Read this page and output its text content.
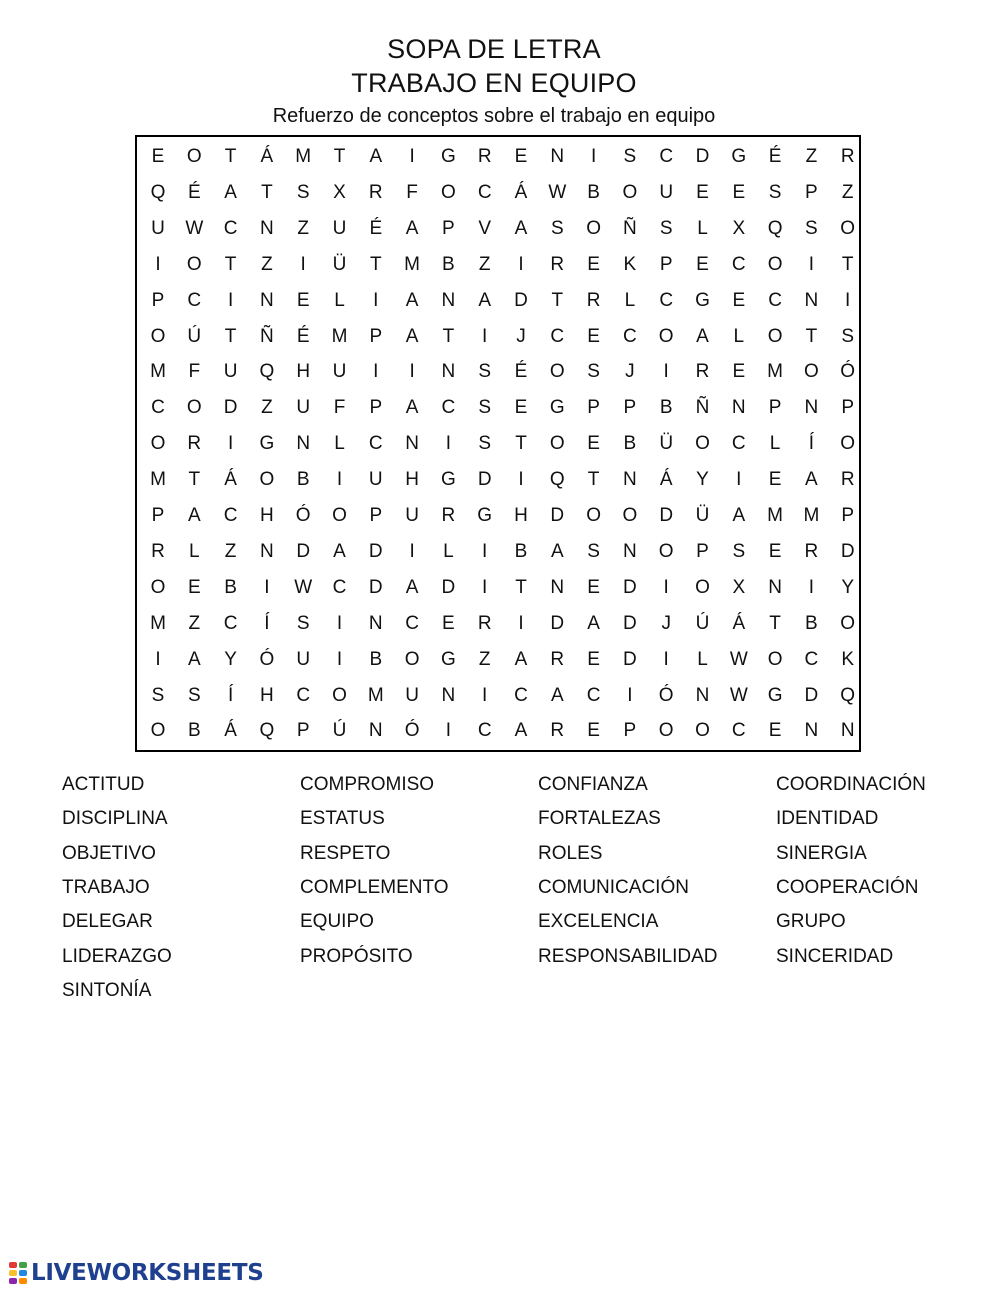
SOPA DE LETRA
TRABAJO EN EQUIPO
Refuerzo de conceptos sobre el trabajo en equipo
E	O	T	Á	M	T	A	I	G	R	E	N	I	S	C	D	G	É	Z	R
Q	É	A	T	S	X	R	F	O	C	Á	W	B	O	U	E	E	S	P	Z
U	W	C	N	Z	U	É	A	P	V	A	S	O	Ñ	S	L	X	Q	S	O
I	O	T	Z	I	Ü	T	M	B	Z	I	R	E	K	P	E	C	O	I	T
P	C	I	N	E	L	I	A	N	A	D	T	R	L	C	G	E	C	N	I
O	Ú	T	Ñ	É	M	P	A	T	I	J	C	E	C	O	A	L	O	T	S
M	F	U	Q	H	U	I	I	N	S	É	O	S	J	I	R	E	M	O	Ó
C	O	D	Z	U	F	P	A	C	S	E	G	P	P	B	Ñ	N	P	N	P
O	R	I	G	N	L	C	N	I	S	T	O	E	B	Ü	O	C	L	Í	O
M	T	Á	O	B	I	U	H	G	D	I	Q	T	N	Á	Y	I	E	A	R
P	A	C	H	Ó	O	P	U	R	G	H	D	O	O	D	Ü	A	M	M	P
R	L	Z	N	D	A	D	I	L	I	B	A	S	N	O	P	S	E	R	D
O	E	B	I	W	C	D	A	D	I	T	N	E	D	I	O	X	N	I	Y
M	Z	C	Í	S	I	N	C	E	R	I	D	A	D	J	Ú	Á	T	B	O
I	A	Y	Ó	U	I	B	O	G	Z	A	R	E	D	I	L	W	O	C	K
S	S	Í	H	C	O	M	U	N	I	C	A	C	I	Ó	N	W	G	D	Q
O	B	Á	Q	P	Ú	N	Ó	I	C	A	R	E	P	O	O	C	E	N	N
ACTITUD	COMPROMISO	CONFIANZA	COORDINACIÓN
DISCIPLINA	ESTATUS	FORTALEZAS	IDENTIDAD
OBJETIVO	RESPETO	ROLES	SINERGIA
TRABAJO	COMPLEMENTO	COMUNICACIÓN	COOPERACIÓN
DELEGAR	EQUIPO	EXCELENCIA	GRUPO
LIDERAZGO	PROPÓSITO	RESPONSABILIDAD	SINCERIDAD
SINTONÍA
LIVEWORKSHEETS
